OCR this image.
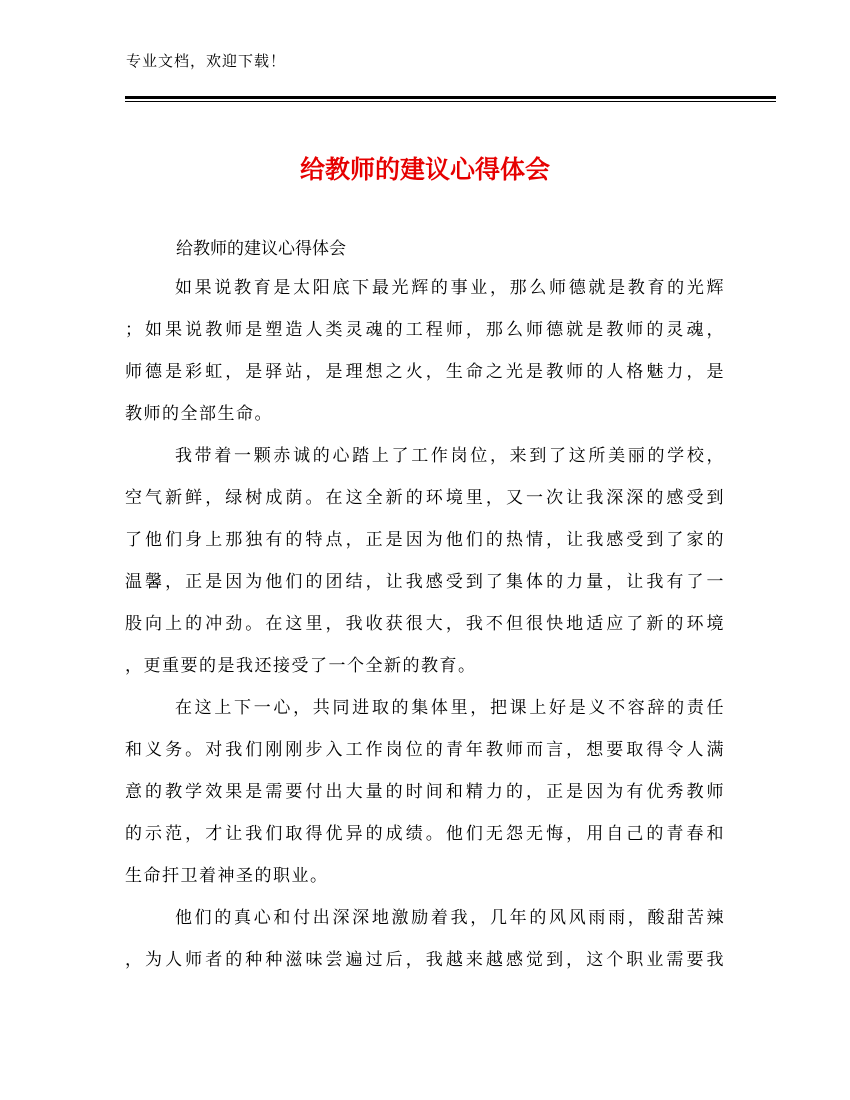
专业文档，欢迎下载！
给教师的建议心得体会
给教师的建议心得体会
如果说教育是太阳底下最光辉的事业，那么师德就是教育的光辉
；如果说教师是塑造人类灵魂的工程师，那么师德就是教师的灵魂，
师德是彩虹，是驿站，是理想之火，生命之光是教师的人格魅力，是
教师的全部生命。
我带着一颗赤诚的心踏上了工作岗位，来到了这所美丽的学校，
空气新鲜，绿树成荫。在这全新的环境里，又一次让我深深的感受到
了他们身上那独有的特点，正是因为他们的热情，让我感受到了家的
温馨，正是因为他们的团结，让我感受到了集体的力量，让我有了一
股向上的冲劲。在这里，我收获很大，我不但很快地适应了新的环境
，更重要的是我还接受了一个全新的教育。
在这上下一心，共同进取的集体里，把课上好是义不容辞的责任
和义务。对我们刚刚步入工作岗位的青年教师而言，想要取得令人满
意的教学效果是需要付出大量的时间和精力的，正是因为有优秀教师
的示范，才让我们取得优异的成绩。他们无怨无悔，用自己的青春和
生命扞卫着神圣的职业。
他们的真心和付出深深地激励着我，几年的风风雨雨，酸甜苦辣
，为人师者的种种滋味尝遍过后，我越来越感觉到，这个职业需要我
